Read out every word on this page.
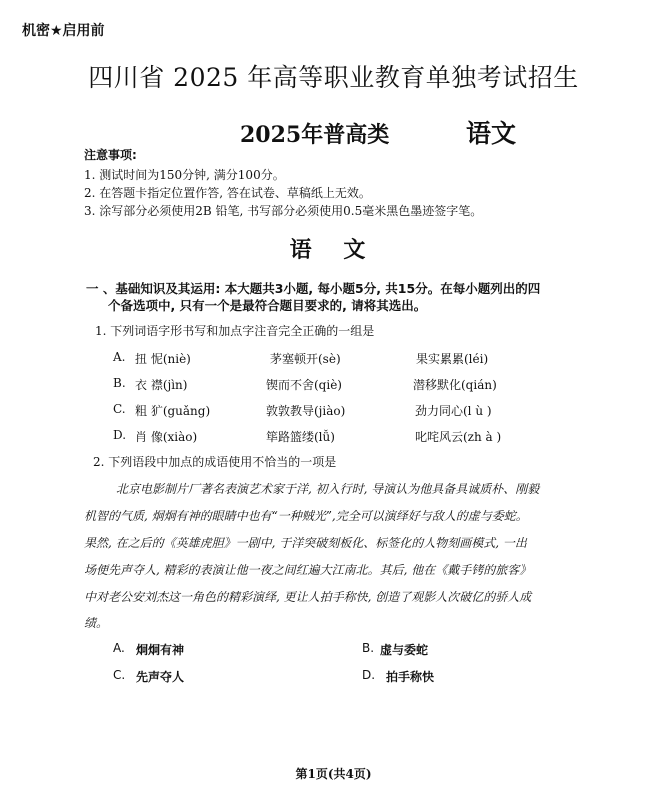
机密★启用前
四川省 2025 年高等职业教育单独考试招生
2025年普高类	语文
注意事项:
1. 测试时间为150分钟, 满分100分。
2. 在答题卡指定位置作答, 答在试卷、草稿纸上无效。
3. 涂写部分必须使用2B 铅笔, 书写部分必须使用0.5毫米黑色墨迹签字笔。
语 文
一 、基础知识及其运用: 本大题共3小题, 每小题5分, 共15分。在每小题列出的四
个备选项中, 只有一个是最符合题目要求的, 请将其选出。
1. 下列词语字形书写和加点字注音完全正确的一组是
A. 扭 怩(niè)	茅塞顿开(sè)	果实累累(léi)
B. 衣 襟(jìn)	锲而不舍(qiè)	潜移默化(qián)
C. 粗 犷(guǎng)	敦敦教导(jiào)	劲力同心(l ù )
D. 肖 像(xiào)	筚路篮缕(lǚ)	叱咤风云(zh à )
2. 下列语段中加点的成语使用不恰当的一项是
北京电影制片厂著名表演艺术家于洋, 初入行时, 导演认为他具备具诚质朴、刚毅
机智的气质, 炯炯有神的眼睛中也有“一种贼光”,完全可以演绎好与敌人的虚与委蛇。
果然, 在之后的《英雄虎胆》一剧中, 于洋突破刻板化、标签化的人物刻画模式, 一出
场便先声夺人, 精彩的表演让他一夜之间红遍大江南北。其后, 他在《戴手铐的旅客》
中对老公安刘杰这一角色的精彩演绎, 更让人拍手称快, 创造了观影人次破亿的骄人成
绩。
A. 炯炯有神	B. 虚与委蛇
C. 先声夺人	D. 拍手称快
第1页(共4页)
